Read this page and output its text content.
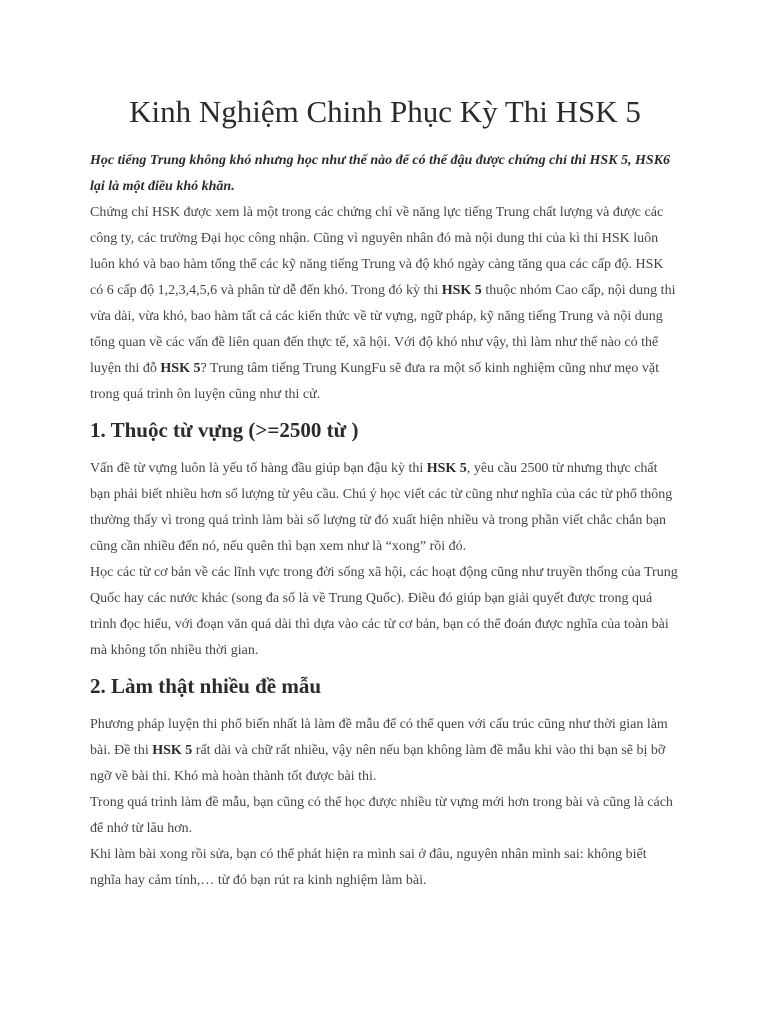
Kinh Nghiệm Chinh Phục Kỳ Thi HSK 5

Học tiếng Trung không khó nhưng học như thế nào để có thể đậu được chứng chỉ thi HSK 5, HSK6 lại là một điều khó khăn.

Chứng chỉ HSK được xem là một trong các chứng chỉ về năng lực tiếng Trung chất lượng và được các công ty, các trường Đại học công nhận. Cũng vì nguyên nhân đó mà nội dung thi của kì thi HSK luôn luôn khó và bao hàm tổng thể các kỹ năng tiếng Trung và độ khó ngày càng tăng qua các cấp độ. HSK có 6 cấp độ 1,2,3,4,5,6 và phân từ dễ đến khó. Trong đó kỳ thi HSK 5 thuộc nhóm Cao cấp, nội dung thi vừa dài, vừa khó, bao hàm tất cả các kiến thức về từ vựng, ngữ pháp, kỹ năng tiếng Trung và nội dung tổng quan về các vấn đề liên quan đến thực tế, xã hội. Với độ khó như vậy, thì làm như thế nào có thể luyện thi đỗ HSK 5? Trung tâm tiếng Trung KungFu sẽ đưa ra một số kinh nghiệm cũng như mẹo vặt trong quá trình ôn luyện cũng như thi cử.

1. Thuộc từ vựng (>=2500 từ )

Vấn đề từ vựng luôn là yếu tố hàng đầu giúp bạn đậu kỳ thi HSK 5, yêu cầu 2500 từ nhưng thực chất bạn phải biết nhiều hơn số lượng từ yêu cầu. Chú ý học viết các từ cũng như nghĩa của các từ phổ thông thường thấy vì trong quá trình làm bài số lượng từ đó xuất hiện nhiều và trong phần viết chắc chắn bạn cũng cần nhiều đến nó, nếu quên thì bạn xem như là “xong” rồi đó.

Học các từ cơ bản về các lĩnh vực trong đời sống xã hội, các hoạt động cũng như truyền thống của Trung Quốc hay các nước khác (song đa số là về Trung Quốc). Điều đó giúp bạn giải quyết được trong quá trình đọc hiểu, với đoạn văn quá dài thì dựa vào các từ cơ bản, bạn có thể đoán được nghĩa của toàn bài mà không tốn nhiều thời gian.

2. Làm thật nhiều đề mẫu

Phương pháp luyện thi phổ biến nhất là làm đề mẫu để có thể quen với cấu trúc cũng như thời gian làm bài. Đề thi HSK 5 rất dài và chữ rất nhiều, vậy nên nếu bạn không làm đề mẫu khi vào thi bạn sẽ bị bỡ ngỡ về bài thi. Khó mà hoàn thành tốt được bài thi.

Trong quá trình làm đề mẫu, bạn cũng có thể học được nhiều từ vựng mới hơn trong bài và cũng là cách để nhớ từ lâu hơn.

Khi làm bài xong rồi sửa, bạn có thể phát hiện ra mình sai ở đâu, nguyên nhân mình sai: không biết nghĩa hay cảm tính,… từ đó bạn rút ra kinh nghiệm làm bài.
